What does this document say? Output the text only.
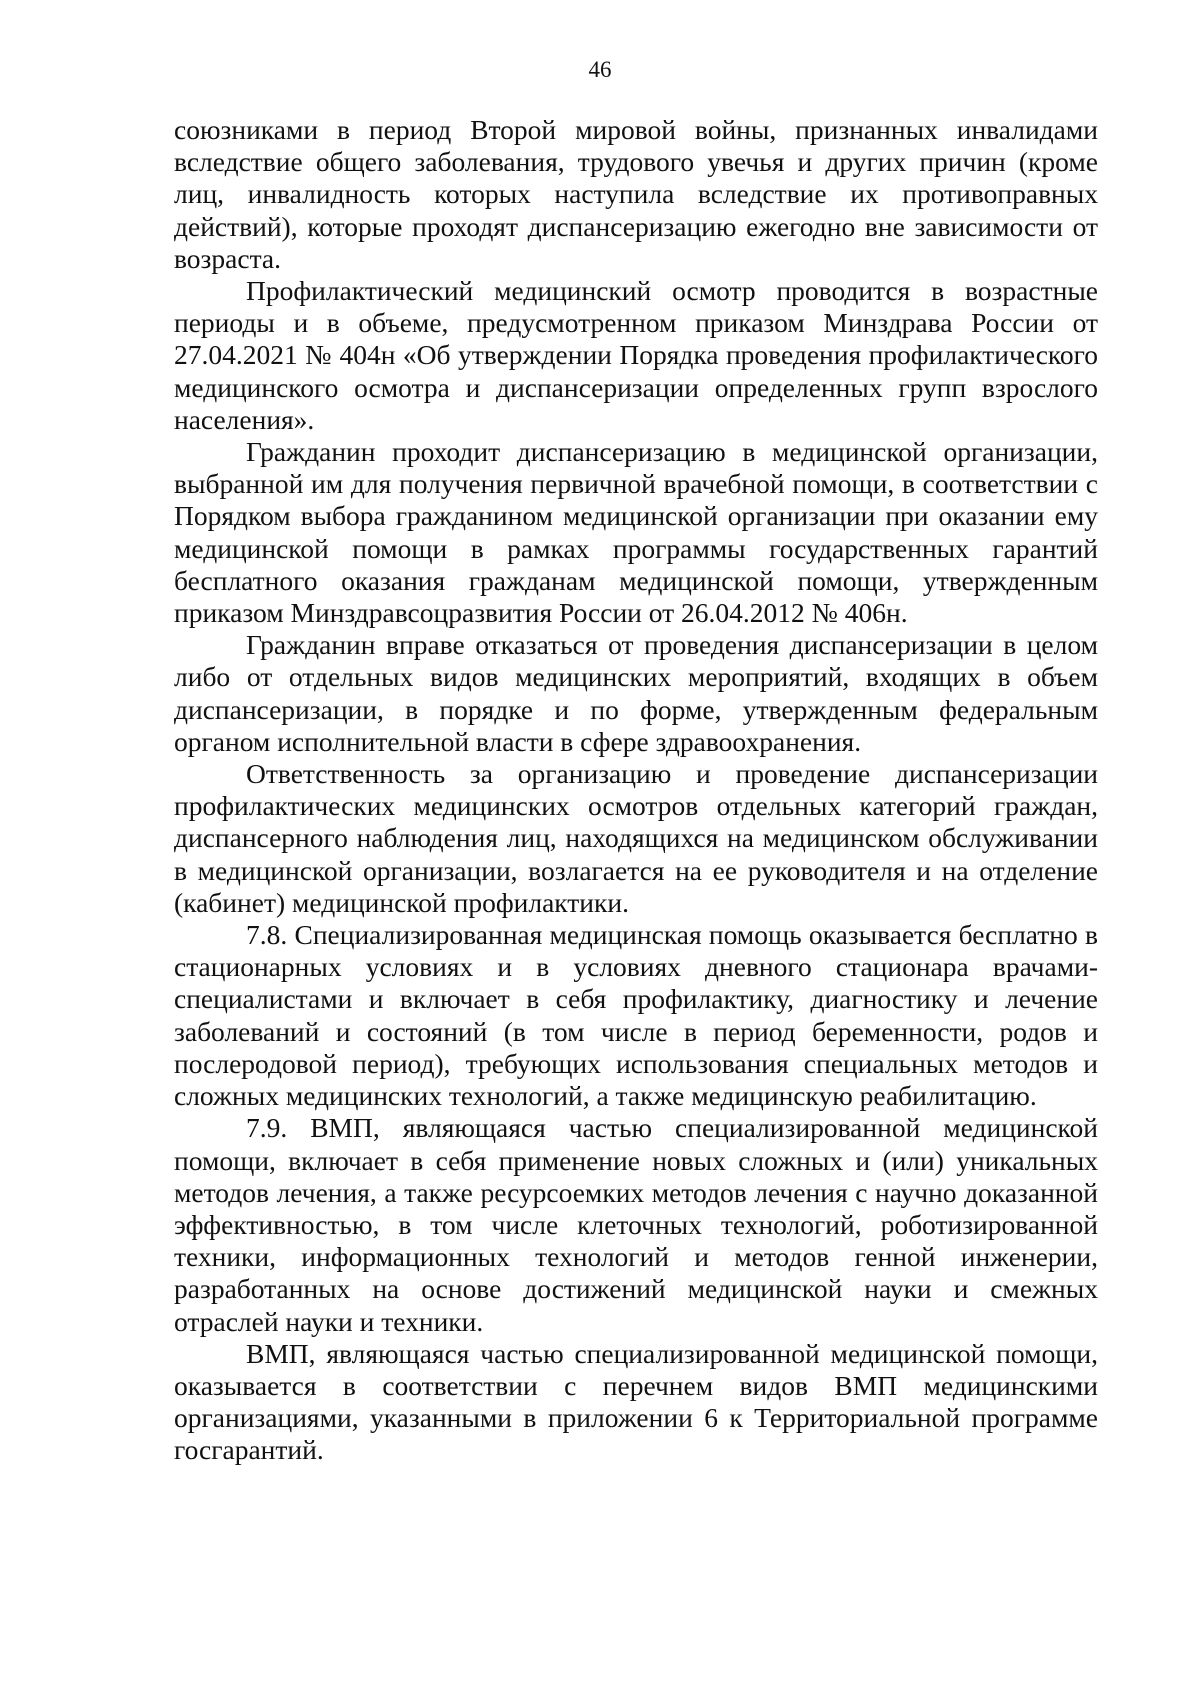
46

союзниками в период Второй мировой войны, признанных инвалидами вследствие общего заболевания, трудового увечья и других причин (кроме лиц, инвалидность которых наступила вследствие их противоправных действий), которые проходят диспансеризацию ежегодно вне зависимости от возраста.

Профилактический медицинский осмотр проводится в возрастные периоды и в объеме, предусмотренном приказом Минздрава России от 27.04.2021 № 404н «Об утверждении Порядка проведения профилактического медицинского осмотра и диспансеризации определенных групп взрослого населения».

Гражданин проходит диспансеризацию в медицинской организации, выбранной им для получения первичной врачебной помощи, в соответствии с Порядком выбора гражданином медицинской организации при оказании ему медицинской помощи в рамках программы государственных гарантий бесплатного оказания гражданам медицинской помощи, утвержденным приказом Минздравсоцразвития России от 26.04.2012 № 406н.

Гражданин вправе отказаться от проведения диспансеризации в целом либо от отдельных видов медицинских мероприятий, входящих в объем диспансеризации, в порядке и по форме, утвержденным федеральным органом исполнительной власти в сфере здравоохранения.

Ответственность за организацию и проведение диспансеризации профилактических медицинских осмотров отдельных категорий граждан, диспансерного наблюдения лиц, находящихся на медицинском обслуживании в медицинской организации, возлагается на ее руководителя и на отделение (кабинет) медицинской профилактики.

7.8. Специализированная медицинская помощь оказывается бесплатно в стационарных условиях и в условиях дневного стационара врачами-специалистами и включает в себя профилактику, диагностику и лечение заболеваний и состояний (в том числе в период беременности, родов и послеродовой период), требующих использования специальных методов и сложных медицинских технологий, а также медицинскую реабилитацию.

7.9. ВМП, являющаяся частью специализированной медицинской помощи, включает в себя применение новых сложных и (или) уникальных методов лечения, а также ресурсоемких методов лечения с научно доказанной эффективностью, в том числе клеточных технологий, роботизированной техники, информационных технологий и методов генной инженерии, разработанных на основе достижений медицинской науки и смежных отраслей науки и техники.

ВМП, являющаяся частью специализированной медицинской помощи, оказывается в соответствии с перечнем видов ВМП медицинскими организациями, указанными в приложении 6 к Территориальной программе госгарантий.
